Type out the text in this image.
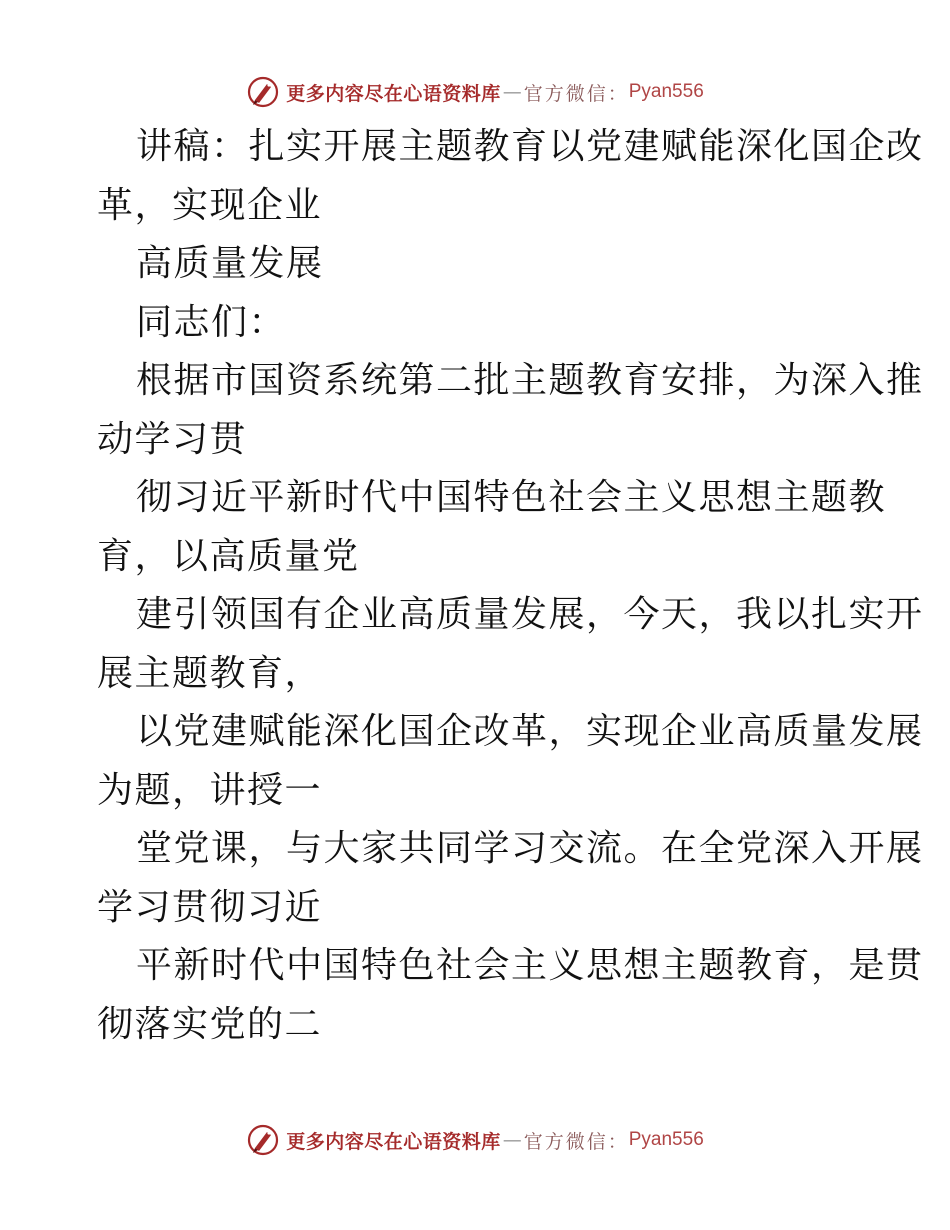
更多内容尽在心语资料库 — 官方微信： Pyan556
讲稿：扎实开展主题教育以党建赋能深化国企改
革，实现企业
高质量发展
同志们：
根据市国资系统第二批主题教育安排，为深入推
动学习贯
彻习近平新时代中国特色社会主义思想主题教
育，以高质量党
建引领国有企业高质量发展，今天，我以扎实开
展主题教育，
以党建赋能深化国企改革，实现企业高质量发展
为题，讲授一
堂党课，与大家共同学习交流。在全党深入开展
学习贯彻习近
平新时代中国特色社会主义思想主题教育，是贯
彻落实党的二
更多内容尽在心语资料库 — 官方微信： Pyan556
